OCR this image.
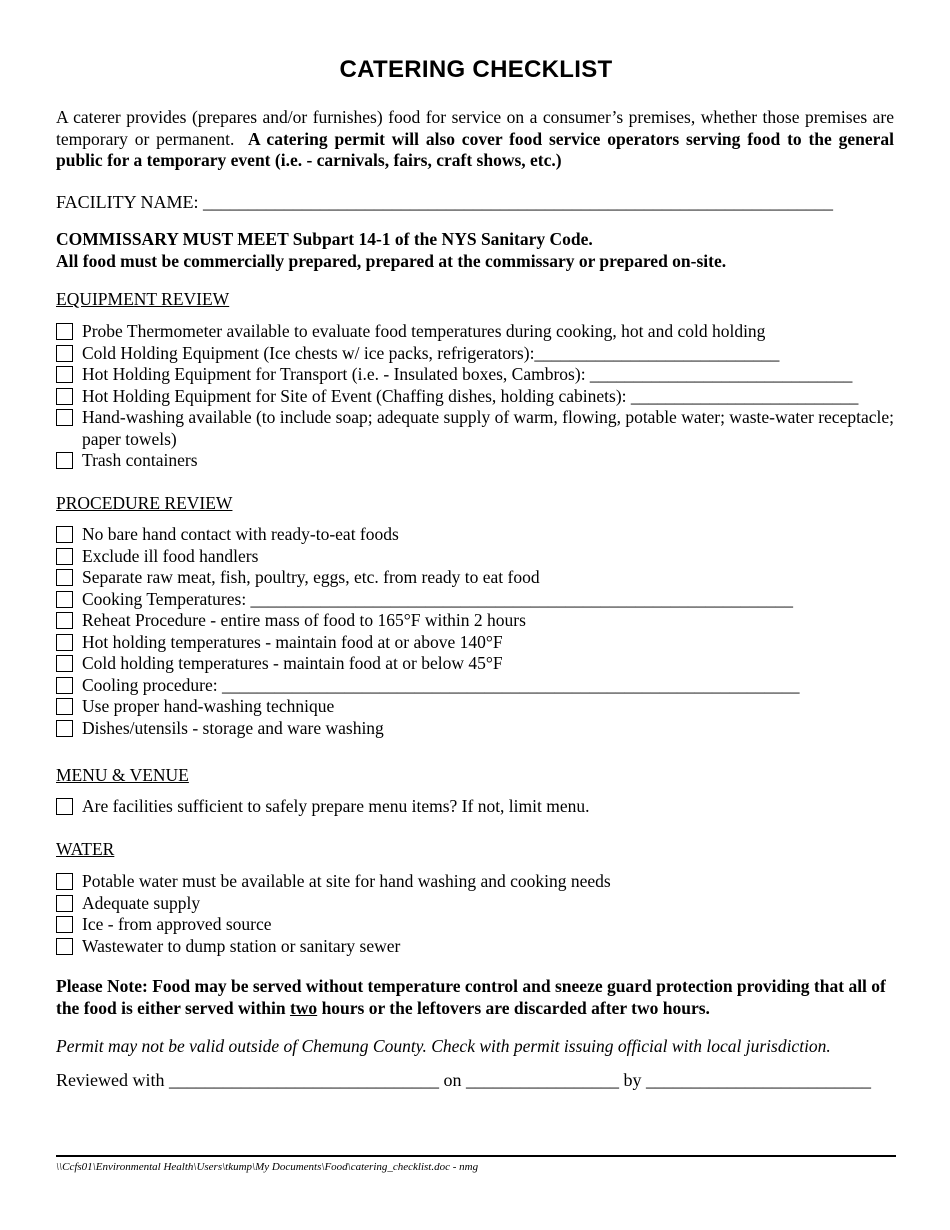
CATERING CHECKLIST
A caterer provides (prepares and/or furnishes) food for service on a consumer’s premises, whether those premises are temporary or permanent. A catering permit will also cover food service operators serving food to the general public for a temporary event (i.e. - carnivals, fairs, craft shows, etc.)
FACILITY NAME: ______________________________________________________________________
COMMISSARY MUST MEET Subpart 14-1 of the NYS Sanitary Code.
All food must be commercially prepared, prepared at the commissary or prepared on-site.
EQUIPMENT REVIEW
Probe Thermometer available to evaluate food temperatures during cooking, hot and cold holding
Cold Holding Equipment (Ice chests w/ ice packs, refrigerators):____________________________
Hot Holding Equipment for Transport (i.e. - Insulated boxes, Cambros): ______________________________
Hot Holding Equipment for Site of Event (Chaffing dishes, holding cabinets): __________________________
Hand-washing available (to include soap; adequate supply of warm, flowing, potable water; waste-water receptacle; paper towels)
Trash containers
PROCEDURE REVIEW
No bare hand contact with ready-to-eat foods
Exclude ill food handlers
Separate raw meat, fish, poultry, eggs, etc. from ready to eat food
Cooking Temperatures: ______________________________________________________________
Reheat Procedure - entire mass of food to 165°F within 2 hours
Hot holding temperatures - maintain food at or above 140°F
Cold holding temperatures - maintain food at or below 45°F
Cooling procedure: __________________________________________________________________
Use proper hand-washing technique
Dishes/utensils - storage and ware washing
MENU & VENUE
Are facilities sufficient to safely prepare menu items? If not, limit menu.
WATER
Potable water must be available at site for hand washing and cooking needs
Adequate supply
Ice - from approved source
Wastewater to dump station or sanitary sewer
Please Note: Food may be served without temperature control and sneeze guard protection providing that all of the food is either served within two hours or the leftovers are discarded after two hours.
Permit may not be valid outside of Chemung County. Check with permit issuing official with local jurisdiction.
Reviewed with ______________________________ on _________________ by _________________________
\\Ccfs01\Environmental Health\Users\tkump\My Documents\Food\catering_checklist.doc - nmg
